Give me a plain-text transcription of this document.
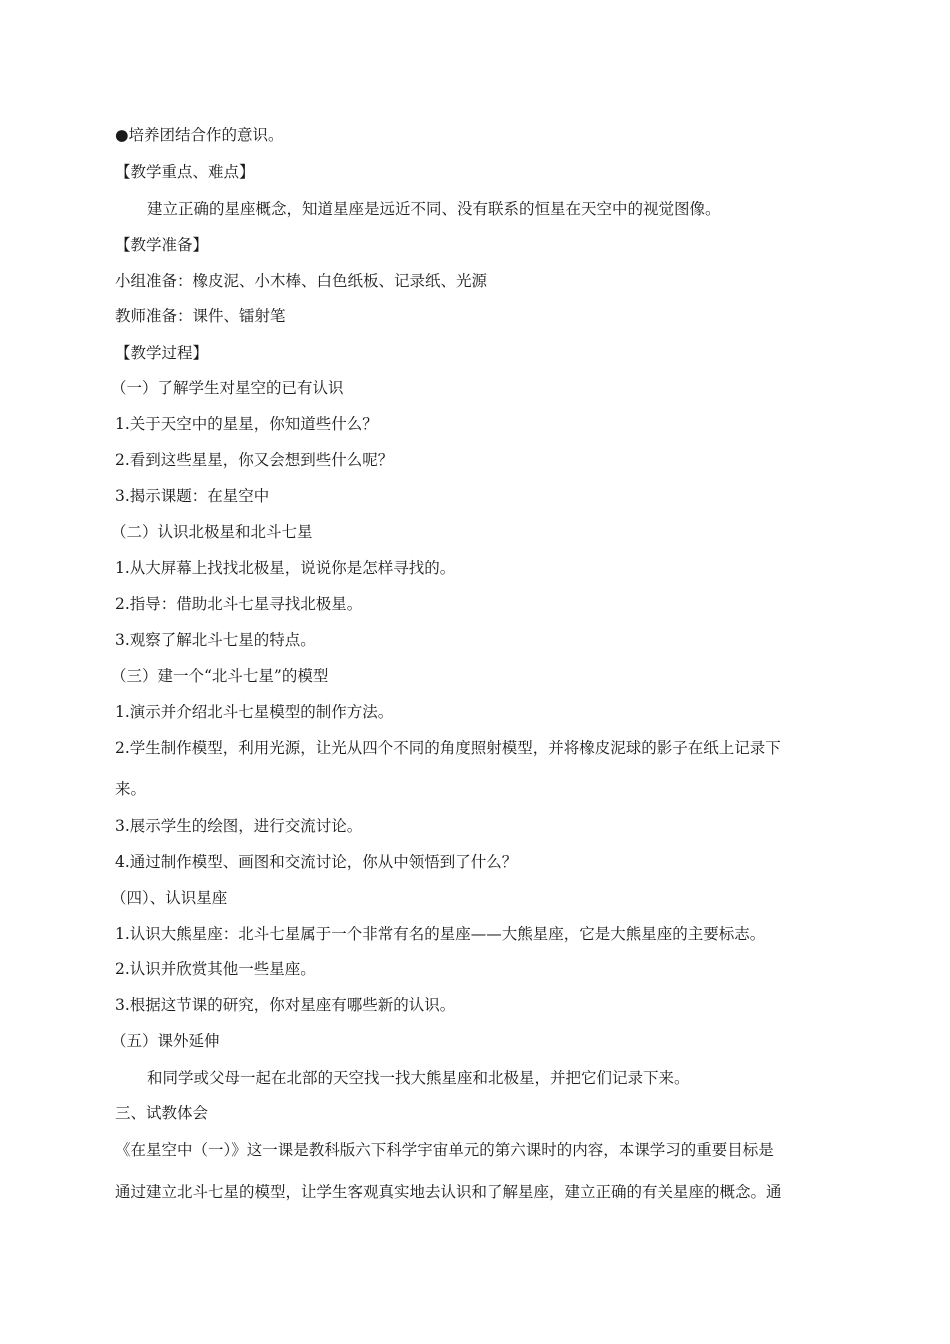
●培养团结合作的意识。
【教学重点、难点】
建立正确的星座概念，知道星座是远近不同、没有联系的恒星在天空中的视觉图像。
【教学准备】
小组准备：橡皮泥、小木棒、白色纸板、记录纸、光源
教师准备：课件、镭射笔
【教学过程】
（一）了解学生对星空的已有认识
1.关于天空中的星星，你知道些什么？
2.看到这些星星，你又会想到些什么呢？
3.揭示课题：在星空中
（二）认识北极星和北斗七星
1.从大屏幕上找找北极星，说说你是怎样寻找的。
2.指导：借助北斗七星寻找北极星。
3.观察了解北斗七星的特点。
（三）建一个“北斗七星”的模型
1.演示并介绍北斗七星模型的制作方法。
2.学生制作模型，利用光源，让光从四个不同的角度照射模型，并将橡皮泥球的影子在纸上记录下
来。
3.展示学生的绘图，进行交流讨论。
4.通过制作模型、画图和交流讨论，你从中领悟到了什么？
（四）、认识星座
1.认识大熊星座：北斗七星属于一个非常有名的星座——大熊星座，它是大熊星座的主要标志。
2.认识并欣赏其他一些星座。
3.根据这节课的研究，你对星座有哪些新的认识。
（五）课外延伸
和同学或父母一起在北部的天空找一找大熊星座和北极星，并把它们记录下来。
三、试教体会
《在星空中（一）》这一课是教科版六下科学宇宙单元的第六课时的内容，本课学习的重要目标是
通过建立北斗七星的模型，让学生客观真实地去认识和了解星座，建立正确的有关星座的概念。通
